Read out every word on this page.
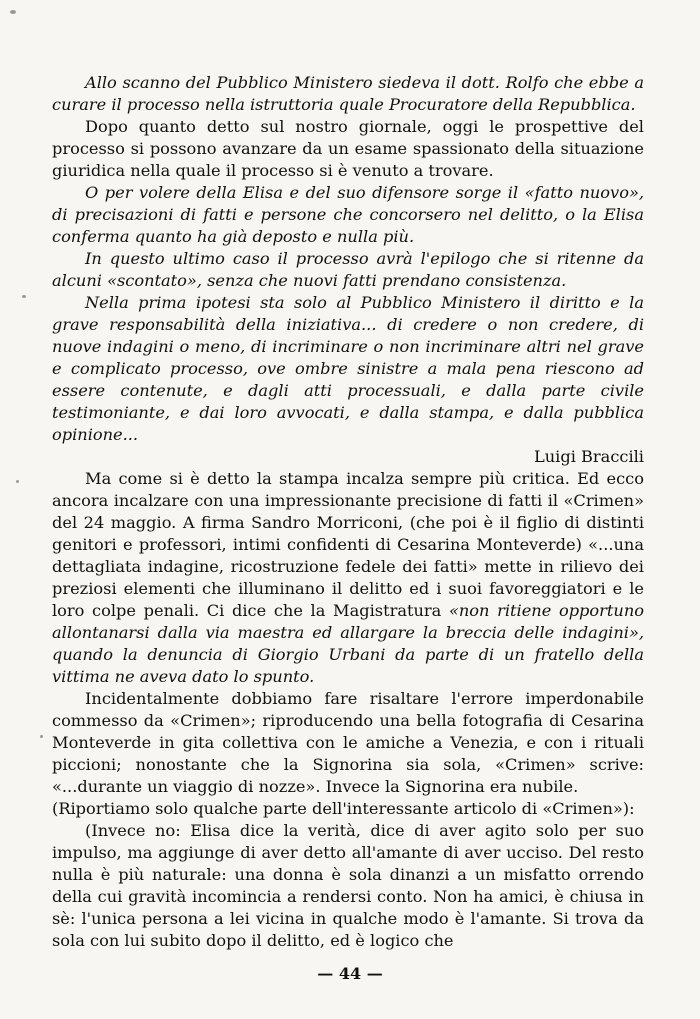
Allo scanno del Pubblico Ministero siedeva il dott. Rolfo che ebbe a curare il processo nella istruttoria quale Procuratore della Repubblica.

Dopo quanto detto sul nostro giornale, oggi le prospettive del processo si possono avanzare da un esame spassionato della situazione giuridica nella quale il processo si è venuto a trovare.

O per volere della Elisa e del suo difensore sorge il «fatto nuovo», di precisazioni di fatti e persone che concorsero nel delitto, o la Elisa conferma quanto ha già deposto e nulla più.

In questo ultimo caso il processo avrà l'epilogo che si ritenne da alcuni «scontato», senza che nuovi fatti prendano consistenza.

Nella prima ipotesi sta solo al Pubblico Ministero il diritto e la grave responsabilità della iniziativa... di credere o non credere, di nuove indagini o meno, di incriminare o non incriminare altri nel grave e complicato processo, ove ombre sinistre a mala pena riescono ad essere contenute, e dagli atti processuali, e dalla parte civile testimoniante, e dai loro avvocati, e dalla stampa, e dalla pubblica opinione...

Luigi Braccili

Ma come si è detto la stampa incalza sempre più critica. Ed ecco ancora incalzare con una impressionante precisione di fatti il «Crimen» del 24 maggio. A firma Sandro Morriconi, (che poi è il figlio di distinti genitori e professori, intimi confidenti di Cesarina Monteverde) «...una dettagliata indagine, ricostruzione fedele dei fatti» mette in rilievo dei preziosi elementi che illuminano il delitto ed i suoi favoreggiatori e le loro colpe penali. Ci dice che la Magistratura «non ritiene opportuno allontanarsi dalla via maestra ed allargare la breccia delle indagini», quando la denuncia di Giorgio Urbani da parte di un fratello della vittima ne aveva dato lo spunto.

Incidentalmente dobbiamo fare risaltare l'errore imperdonabile commesso da «Crimen»; riproducendo una bella fotografia di Cesarina Monteverde in gita collettiva con le amiche a Venezia, e con i rituali piccioni; nonostante che la Signorina sia sola, «Crimen» scrive: «...durante un viaggio di nozze». Invece la Signorina era nubile.

(Riportiamo solo qualche parte dell'interessante articolo di «Crimen»):

(Invece no: Elisa dice la verità, dice di aver agito solo per suo impulso, ma aggiunge di aver detto all'amante di aver ucciso. Del resto nulla è più naturale: una donna è sola dinanzi a un misfatto orrendo della cui gravità incomincia a rendersi conto. Non ha amici, è chiusa in sè: l'unica persona a lei vicina in qualche modo è l'amante. Si trova da sola con lui subito dopo il delitto, ed è logico che

— 44 —
